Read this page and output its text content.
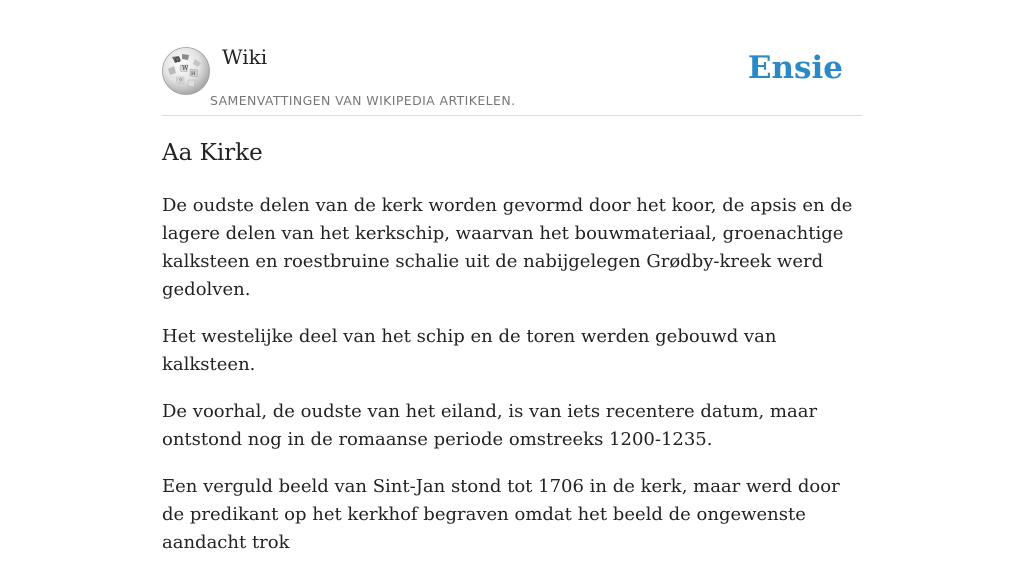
Ω
W
И
ウ
Wiki
SAMENVATTINGEN VAN WIKIPEDIA ARTIKELEN.
Ensie
Aa Kirke

De oudste delen van de kerk worden gevormd door het koor, de apsis en de lagere delen van het kerkschip, waarvan het bouwmateriaal, groenachtige kalksteen en roestbruine schalie uit de nabijgelegen Grødby-kreek werd gedolven.

Het westelijke deel van het schip en de toren werden gebouwd van kalksteen.

De voorhal, de oudste van het eiland, is van iets recentere datum, maar ontstond nog in de romaanse periode omstreeks 1200-1235.

Een verguld beeld van Sint-Jan stond tot 1706 in de kerk, maar werd door de predikant op het kerkhof begraven omdat het beeld de ongewenste aandacht trok
